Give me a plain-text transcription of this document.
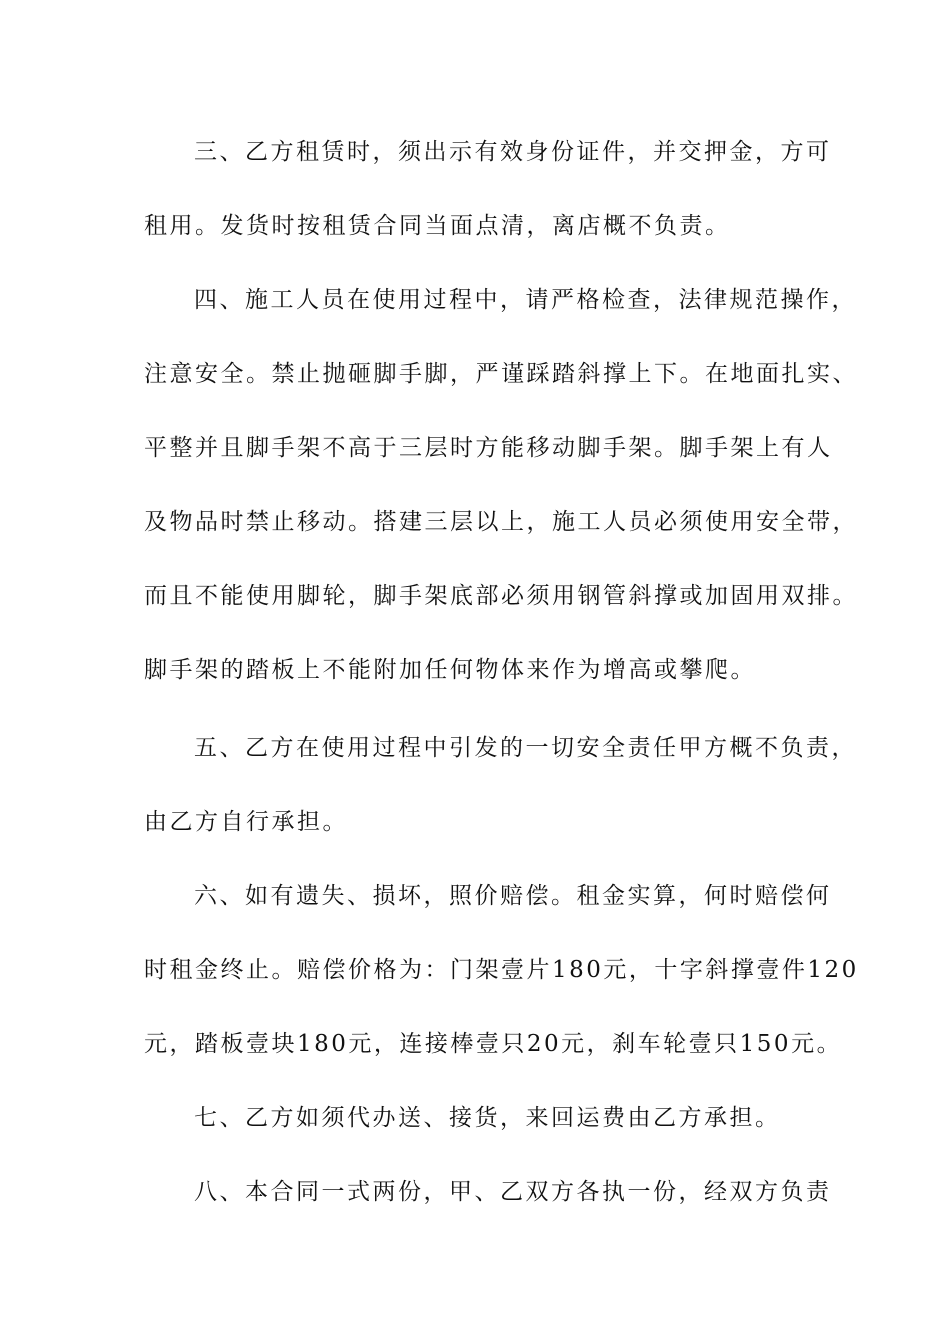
三、乙方租赁时，须出示有效身份证件，并交押金，方可
租用。发货时按租赁合同当面点清，离店概不负责。
四、施工人员在使用过程中，请严格检查，法律规范操作，
注意安全。禁止抛砸脚手脚，严谨踩踏斜撑上下。在地面扎实、
平整并且脚手架不高于三层时方能移动脚手架。脚手架上有人
及物品时禁止移动。搭建三层以上，施工人员必须使用安全带，
而且不能使用脚轮，脚手架底部必须用钢管斜撑或加固用双排。
脚手架的踏板上不能附加任何物体来作为增高或攀爬。
五、乙方在使用过程中引发的一切安全责任甲方概不负责，
由乙方自行承担。
六、如有遗失、损坏，照价赔偿。租金实算，何时赔偿何
时租金终止。赔偿价格为：门架壹片180元，十字斜撑壹件120
元，踏板壹块180元，连接棒壹只20元，刹车轮壹只150元。
七、乙方如须代办送、接货，来回运费由乙方承担。
八、本合同一式两份，甲、乙双方各执一份，经双方负责
